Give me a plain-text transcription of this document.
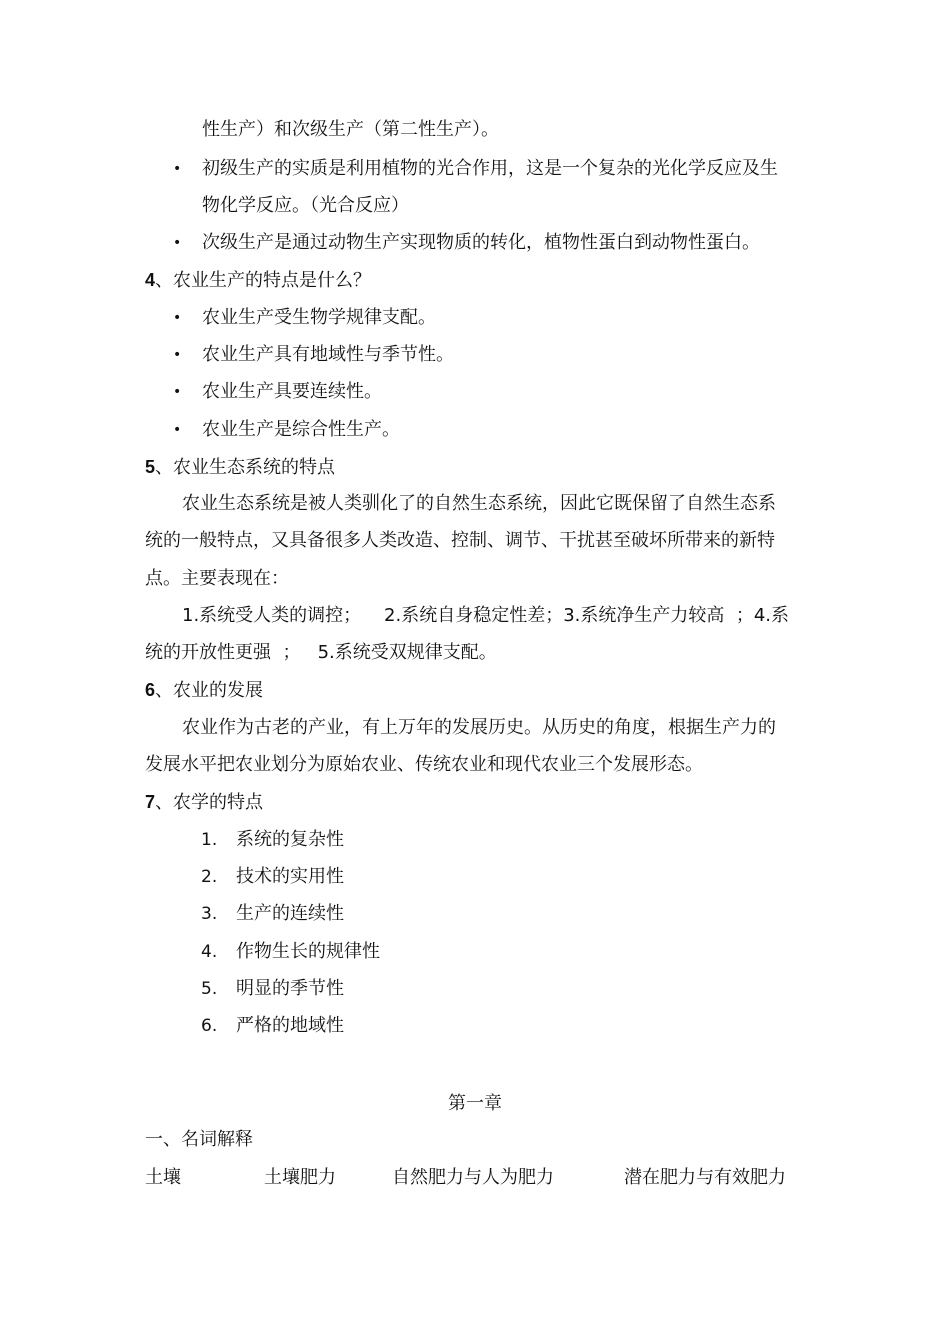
性生产）和次级生产（第二性生产）。
• 初级生产的实质是利用植物的光合作用，这是一个复杂的光化学反应及生
物化学反应。（光合反应）
• 次级生产是通过动物生产实现物质的转化，植物性蛋白到动物性蛋白。
4、农业生产的特点是什么？
• 农业生产受生物学规律支配。
• 农业生产具有地域性与季节性。
• 农业生产具要连续性。
• 农业生产是综合性生产。
5、农业生态系统的特点
农业生态系统是被人类驯化了的自然生态系统，因此它既保留了自然生态系
统的一般特点，又具备很多人类改造、控制、调节、干扰甚至破坏所带来的新特
点。主要表现在：
1.系统受人类的调控；    2.系统自身稳定性差；3.系统净生产力较高  ；4.系
统的开放性更强  ；   5.系统受双规律支配。
6、农业的发展
农业作为古老的产业，有上万年的发展历史。从历史的角度，根据生产力的
发展水平把农业划分为原始农业、传统农业和现代农业三个发展形态。
7、农学的特点
1. 系统的复杂性
2. 技术的实用性
3. 生产的连续性
4. 作物生长的规律性
5. 明显的季节性
6. 严格的地域性
第一章
一、名词解释
土壤	土壤肥力	自然肥力与人为肥力	潜在肥力与有效肥力
